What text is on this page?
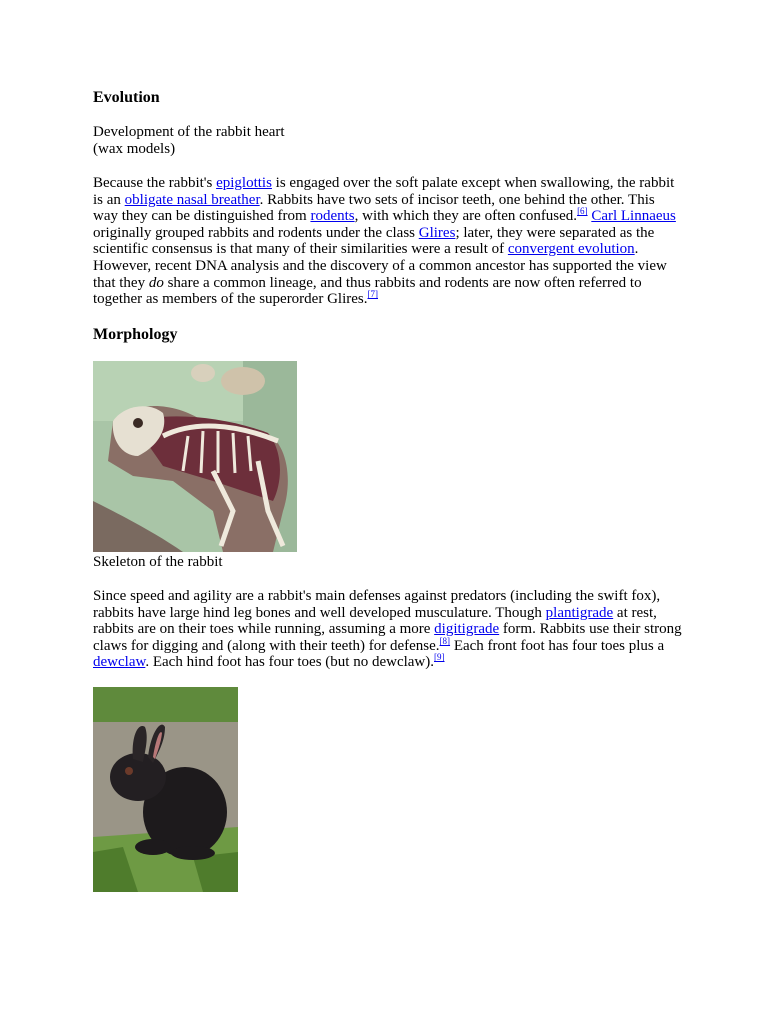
Evolution

Development of the rabbit heart
(wax models)

Because the rabbit's epiglottis is engaged over the soft palate except when swallowing, the rabbit is an obligate nasal breather. Rabbits have two sets of incisor teeth, one behind the other. This way they can be distinguished from rodents, with which they are often confused.[6] Carl Linnaeus originally grouped rabbits and rodents under the class Glires; later, they were separated as the scientific consensus is that many of their similarities were a result of convergent evolution. However, recent DNA analysis and the discovery of a common ancestor has supported the view that they do share a common lineage, and thus rabbits and rodents are now often referred to together as members of the superorder Glires.[7]

Morphology

Skeleton of the rabbit

Since speed and agility are a rabbit's main defenses against predators (including the swift fox), rabbits have large hind leg bones and well developed musculature. Though plantigrade at rest, rabbits are on their toes while running, assuming a more digitigrade form. Rabbits use their strong claws for digging and (along with their teeth) for defense.[8] Each front foot has four toes plus a dewclaw. Each hind foot has four toes (but no dewclaw).[9]
